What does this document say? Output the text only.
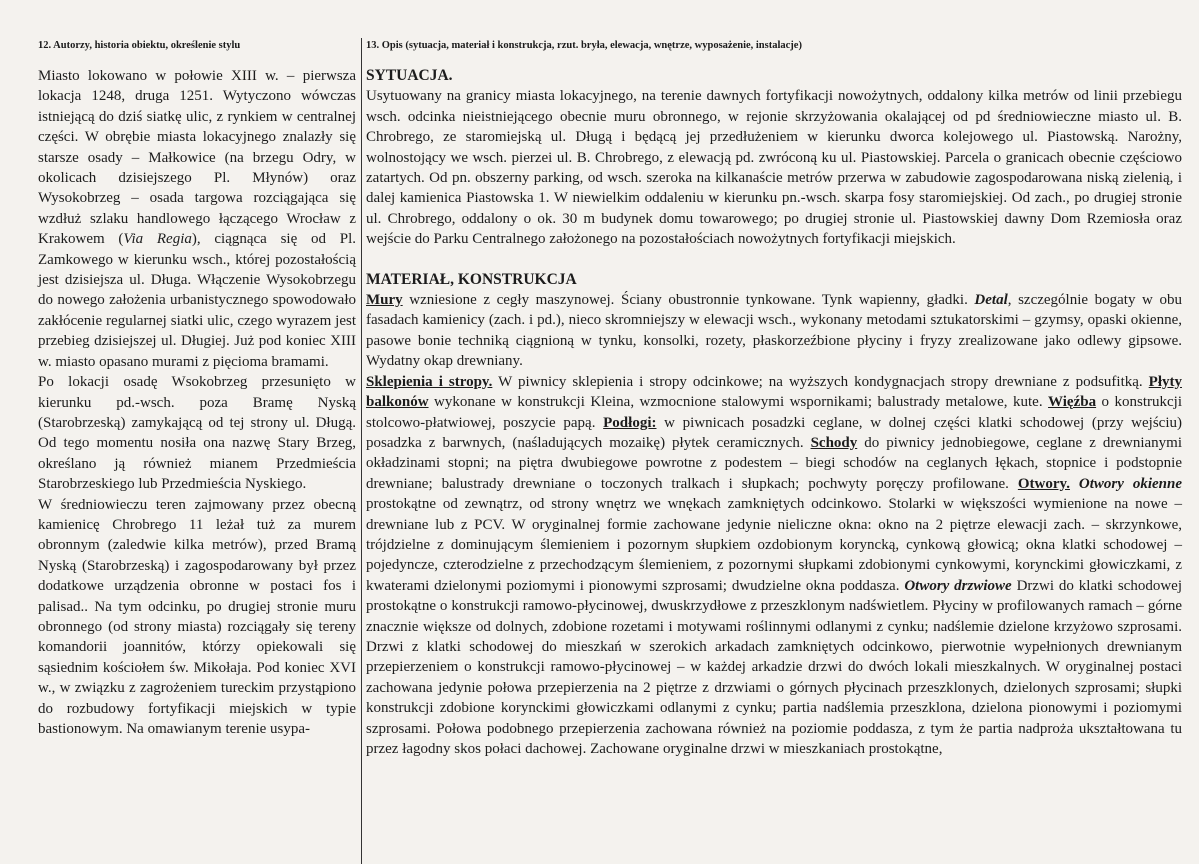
12. Autorzy, historia obiektu, określenie stylu	13. Opis (sytuacja, materiał i konstrukcja, rzut. bryła, elewacja, wnętrze, wyposażenie, instalacje)

Miasto lokowano w połowie XIII w. – pierwsza lokacja 1248, druga 1251. Wytyczono wówczas istniejącą do dziś siatkę ulic, z rynkiem w centralnej części. W obrębie miasta lokacyjnego znalazły się starsze osady – Małkowice (na brzegu Odry, w okolicach dzisiejszego Pl. Młynów) oraz Wysokobrzeg – osada targowa rozciągająca się wzdłuż szlaku handlowego łączącego Wrocław z Krakowem (Via Regia), ciągnąca się od Pl. Zamkowego w kierunku wsch., której pozostałością jest dzisiejsza ul. Długa. Włączenie Wysokobrzegu do nowego założenia urbanistycznego spowodowało zakłócenie regularnej siatki ulic, czego wyrazem jest przebieg dzisiejszej ul. Długiej. Już pod koniec XIII w. miasto opasano murami z pięcioma bramami.

Po lokacji osadę Wsokobrzeg przesunięto w kierunku pd.-wsch. poza Bramę Nyską (Starobrzeską) zamykającą od tej strony ul. Długą. Od tego momentu nosiła ona nazwę Stary Brzeg, określano ją również mianem Przedmieścia Starobrzeskiego lub Przedmieścia Nyskiego.

W średniowieczu teren zajmowany przez obecną kamienicę Chrobrego 11 leżał tuż za murem obronnym (zaledwie kilka metrów), przed Bramą Nyską (Starobrzeską) i zagospodarowany był przez dodatkowe urządzenia obronne w postaci fos i palisad.. Na tym odcinku, po drugiej stronie muru obronnego (od strony miasta) rozciągały się tereny komandorii joannitów, którzy opiekowali się sąsiednim kościołem św. Mikołaja. Pod koniec XVI w., w związku z zagrożeniem tureckim przystąpiono do rozbudowy fortyfikacji miejskich w typie bastionowym. Na omawianym terenie usypa-

SYTUACJA.

Usytuowany na granicy miasta lokacyjnego, na terenie dawnych fortyfikacji nowożytnych, oddalony kilka metrów od linii przebiegu wsch. odcinka nieistniejącego obecnie muru obronnego, w rejonie skrzyżowania okalającej od pd średniowieczne miasto ul. B. Chrobrego, ze staromiejską ul. Długą i będącą jej przedłużeniem w kierunku dworca kolejowego ul. Piastowską. Narożny, wolnostojący we wsch. pierzei ul. B. Chrobrego, z elewacją pd. zwróconą ku ul. Piastowskiej. Parcela o granicach obecnie częściowo zatartych. Od pn. obszerny parking, od wsch. szeroka na kilkanaście metrów przerwa w zabudowie zagospodarowana niską zielenią, i dalej kamienica Piastowska 1. W niewielkim oddaleniu w kierunku pn.-wsch. skarpa fosy staromiejskiej. Od zach., po drugiej stronie ul. Chrobrego, oddalony o ok. 30 m budynek domu towarowego; po drugiej stronie ul. Piastowskiej dawny Dom Rzemiosła oraz wejście do Parku Centralnego założonego na pozostałościach nowożytnych fortyfikacji miejskich.

MATERIAŁ, KONSTRUKCJA

Mury wzniesione z cegły maszynowej. Ściany obustronnie tynkowane. Tynk wapienny, gładki. Detal, szczególnie bogaty w obu fasadach kamienicy (zach. i pd.), nieco skromniejszy w elewacji wsch., wykonany metodami sztukatorskimi – gzymsy, opaski okienne, pasowe bonie techniką ciągnioną w tynku, konsolki, rozety, płaskorzeźbione płyciny i fryzy zrealizowane jako odlewy gipsowe. Wydatny okap drewniany.

Sklepienia i stropy. W piwnicy sklepienia i stropy odcinkowe; na wyższych kondygnacjach stropy drewniane z podsufitką. Płyty balkonów wykonane w konstrukcji Kleina, wzmocnione stalowymi wspornikami; balustrady metalowe, kute. Więźba o konstrukcji stolcowo-płatwiowej, poszycie papą. Podłogi: w piwnicach posadzki ceglane, w dolnej części klatki schodowej (przy wejściu) posadzka z barwnych, (naśladujących mozaikę) płytek ceramicznych. Schody do piwnicy jednobiegowe, ceglane z drewnianymi okładzinami stopni; na piętra dwubiegowe powrotne z podestem – biegi schodów na ceglanych łękach, stopnice i podstopnie drewniane; balustrady drewniane o toczonych tralkach i słupkach; pochwyty poręczy profilowane. Otwory. Otwory okienne prostokątne od zewnątrz, od strony wnętrz we wnękach zamkniętych odcinkowo. Stolarki w większości wymienione na nowe – drewniane lub z PCV. W oryginalnej formie zachowane jedynie nieliczne okna: okno na 2 piętrze elewacji zach. – skrzynkowe, trójdzielne z dominującym ślemieniem i pozornym słupkiem ozdobionym koryncką, cynkową głowicą; okna klatki schodowej – pojedyncze, czterodzielne z przechodzącym ślemieniem, z pozornymi słupkami zdobionymi cynkowymi, korynckimi głowiczkami, z kwaterami dzielonymi poziomymi i pionowymi szprosami; dwudzielne okna poddasza. Otwory drzwiowe Drzwi do klatki schodowej prostokątne o konstrukcji ramowo-płycinowej, dwuskrzydłowe z przeszklonym nadświetlem. Płyciny w profilowanych ramach – górne znacznie większe od dolnych, zdobione rozetami i motywami roślinnymi odlanymi z cynku; nadślemie dzielone krzyżowo szprosami. Drzwi z klatki schodowej do mieszkań w szerokich arkadach zamkniętych odcinkowo, pierwotnie wypełnionych drewnianym przepierzeniem o konstrukcji ramowo-płycinowej – w każdej arkadzie drzwi do dwóch lokali mieszkalnych. W oryginalnej postaci zachowana jedynie połowa przepierzenia na 2 piętrze z drzwiami o górnych płycinach przeszklonych, dzielonych szprosami; słupki konstrukcji zdobione korynckimi głowiczkami odlanymi z cynku; partia nadślemia przeszklona, dzielona pionowymi i poziomymi szprosami. Połowa podobnego przepierzenia zachowana również na poziomie poddasza, z tym że partia nadproża ukształtowana tu przez łagodny skos połaci dachowej. Zachowane oryginalne drzwi w mieszkaniach prostokątne,
